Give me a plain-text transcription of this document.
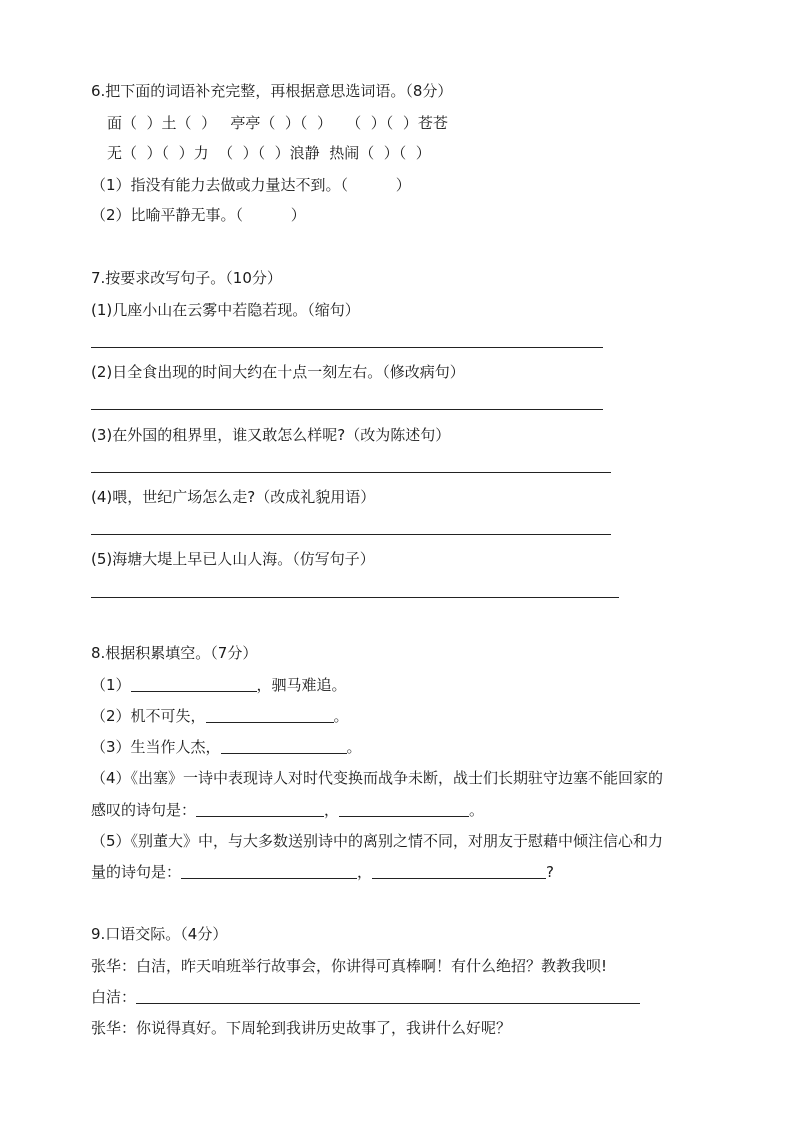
6.把下面的词语补充完整，再根据意思选词语。（8分）
面（  ）土（  ）   亭亭（  ）（  ）   （  ）（  ）苍苍
无（  ）（  ）力  （  ）（  ）浪静  热闹（  ）（  ）
（1）指没有能力去做或力量达不到。（          ）
（2）比喻平静无事。（          ）
7.按要求改写句子。（10分）
(1)几座小山在云雾中若隐若现。（缩句）
(2)日全食出现的时间大约在十点一刻左右。（修改病句）
(3)在外国的租界里，谁又敢怎么样呢?（改为陈述句）
(4)喂，世纪广场怎么走?（改成礼貌用语）
(5)海塘大堤上早已人山人海。（仿写句子）
8.根据积累填空。（7分）
（1）	，驷马难追。
（2）机不可失，	。
（3）生当作人杰，	。
（4）《出塞》一诗中表现诗人对时代变换而战争未断，战士们长期驻守边塞不能回家的
感叹的诗句是：	，	。
（5）《别董大》中，与大多数送别诗中的离别之情不同，对朋友于慰藉中倾注信心和力
量的诗句是：	，	?
9.口语交际。（4分）
张华：白洁，昨天咱班举行故事会，你讲得可真棒啊！有什么绝招？教教我呗!
白洁：
张华：你说得真好。下周轮到我讲历史故事了，我讲什么好呢？
